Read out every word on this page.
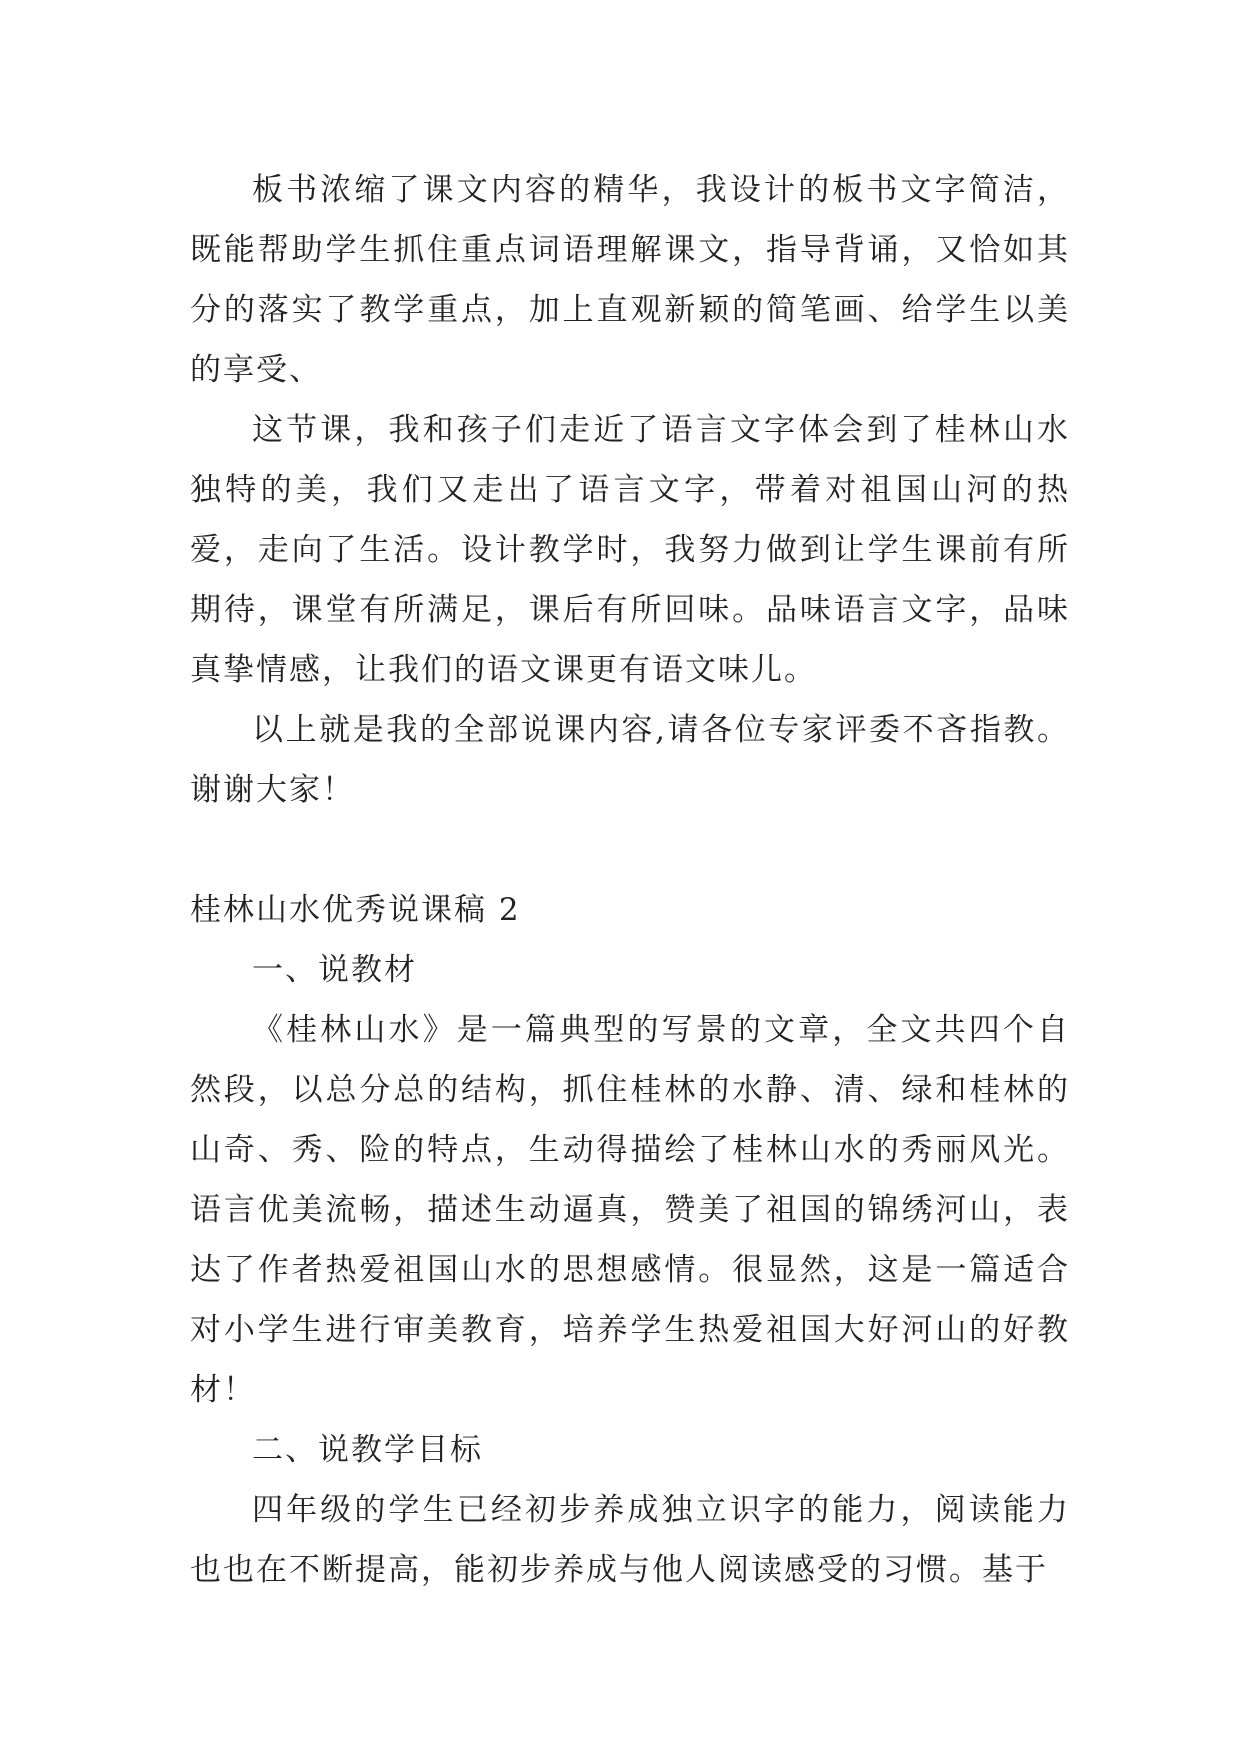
板书浓缩了课文内容的精华，我设计的板书文字简洁，既能帮助学生抓住重点词语理解课文，指导背诵，又恰如其分的落实了教学重点，加上直观新颖的简笔画、给学生以美的享受、

这节课，我和孩子们走近了语言文字体会到了桂林山水独特的美，我们又走出了语言文字，带着对祖国山河的热爱，走向了生活。设计教学时，我努力做到让学生课前有所期待，课堂有所满足，课后有所回味。品味语言文字，品味真挚情感，让我们的语文课更有语文味儿。

以上就是我的全部说课内容,请各位专家评委不吝指教。谢谢大家！

桂林山水优秀说课稿 2

一、说教材

《桂林山水》是一篇典型的写景的文章，全文共四个自然段，以总分总的结构，抓住桂林的水静、清、绿和桂林的山奇、秀、险的特点，生动得描绘了桂林山水的秀丽风光。语言优美流畅，描述生动逼真，赞美了祖国的锦绣河山，表达了作者热爱祖国山水的思想感情。很显然，这是一篇适合对小学生进行审美教育，培养学生热爱祖国大好河山的好教材！

二、说教学目标

四年级的学生已经初步养成独立识字的能力，阅读能力也也在不断提高，能初步养成与他人阅读感受的习惯。基于
